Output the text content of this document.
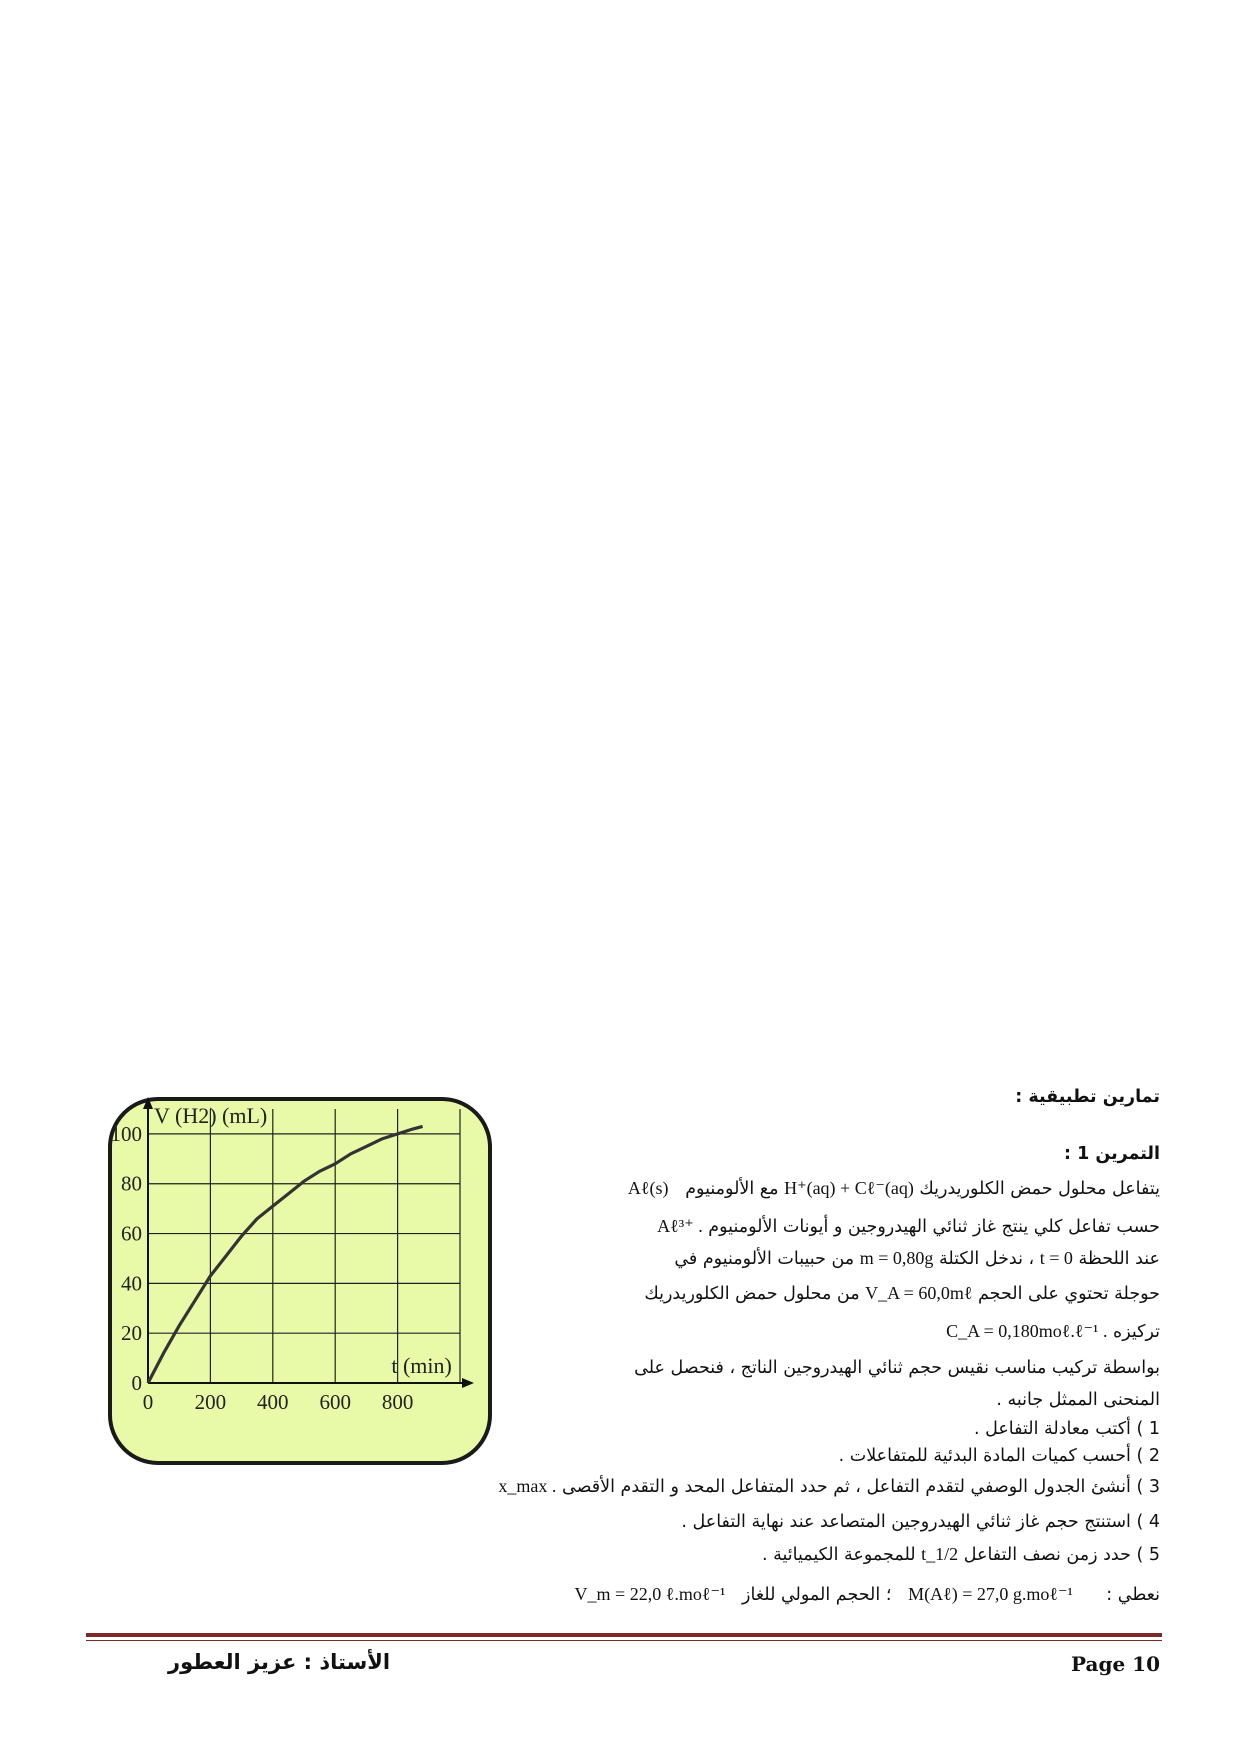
تمارين تطبيقية :
التمرين 1 :
يتفاعل محلول حمض الكلوريدريك H⁺(aq) + Cℓ⁻(aq) مع الألومنيوم   Aℓ(s)
حسب تفاعل كلي ينتج غاز ثنائي الهيدروجين و أيونات الألومنيوم Aℓ³⁺ .
عند اللحظة t = 0 ، ندخل الكتلة m = 0,80g من حبيبات الألومنيوم في
حوجلة تحتوي على الحجم V_A = 60,0mℓ من محلول حمض الكلوريدريك
تركيزه C_A = 0,180moℓ.ℓ⁻¹ .
بواسطة تركيب مناسب نقيس حجم ثنائي الهيدروجين الناتج ، فنحصل على
المنحنى الممثل جانبه .
1 ) أكتب معادلة التفاعل .
2 ) أحسب كميات المادة البدئية للمتفاعلات .
3 ) أنشئ الجدول الوصفي لتقدم التفاعل ، ثم حدد المتفاعل المحد و التقدم الأقصى x_max .
4 ) استنتج حجم غاز ثنائي الهيدروجين المتصاعد عند نهاية التفاعل .
5 ) حدد زمن نصف التفاعل t_1/2 للمجموعة الكيميائية .
نعطي :      M(Aℓ) = 27,0 g.moℓ⁻¹   ؛ الحجم المولي للغاز   V_m = 22,0 ℓ.moℓ⁻¹
0 200 400 600 800
0
20
40
60
80
100
V (H2) (mL)
t (min)
Page 10
الأستاذ : عزيز العطور
